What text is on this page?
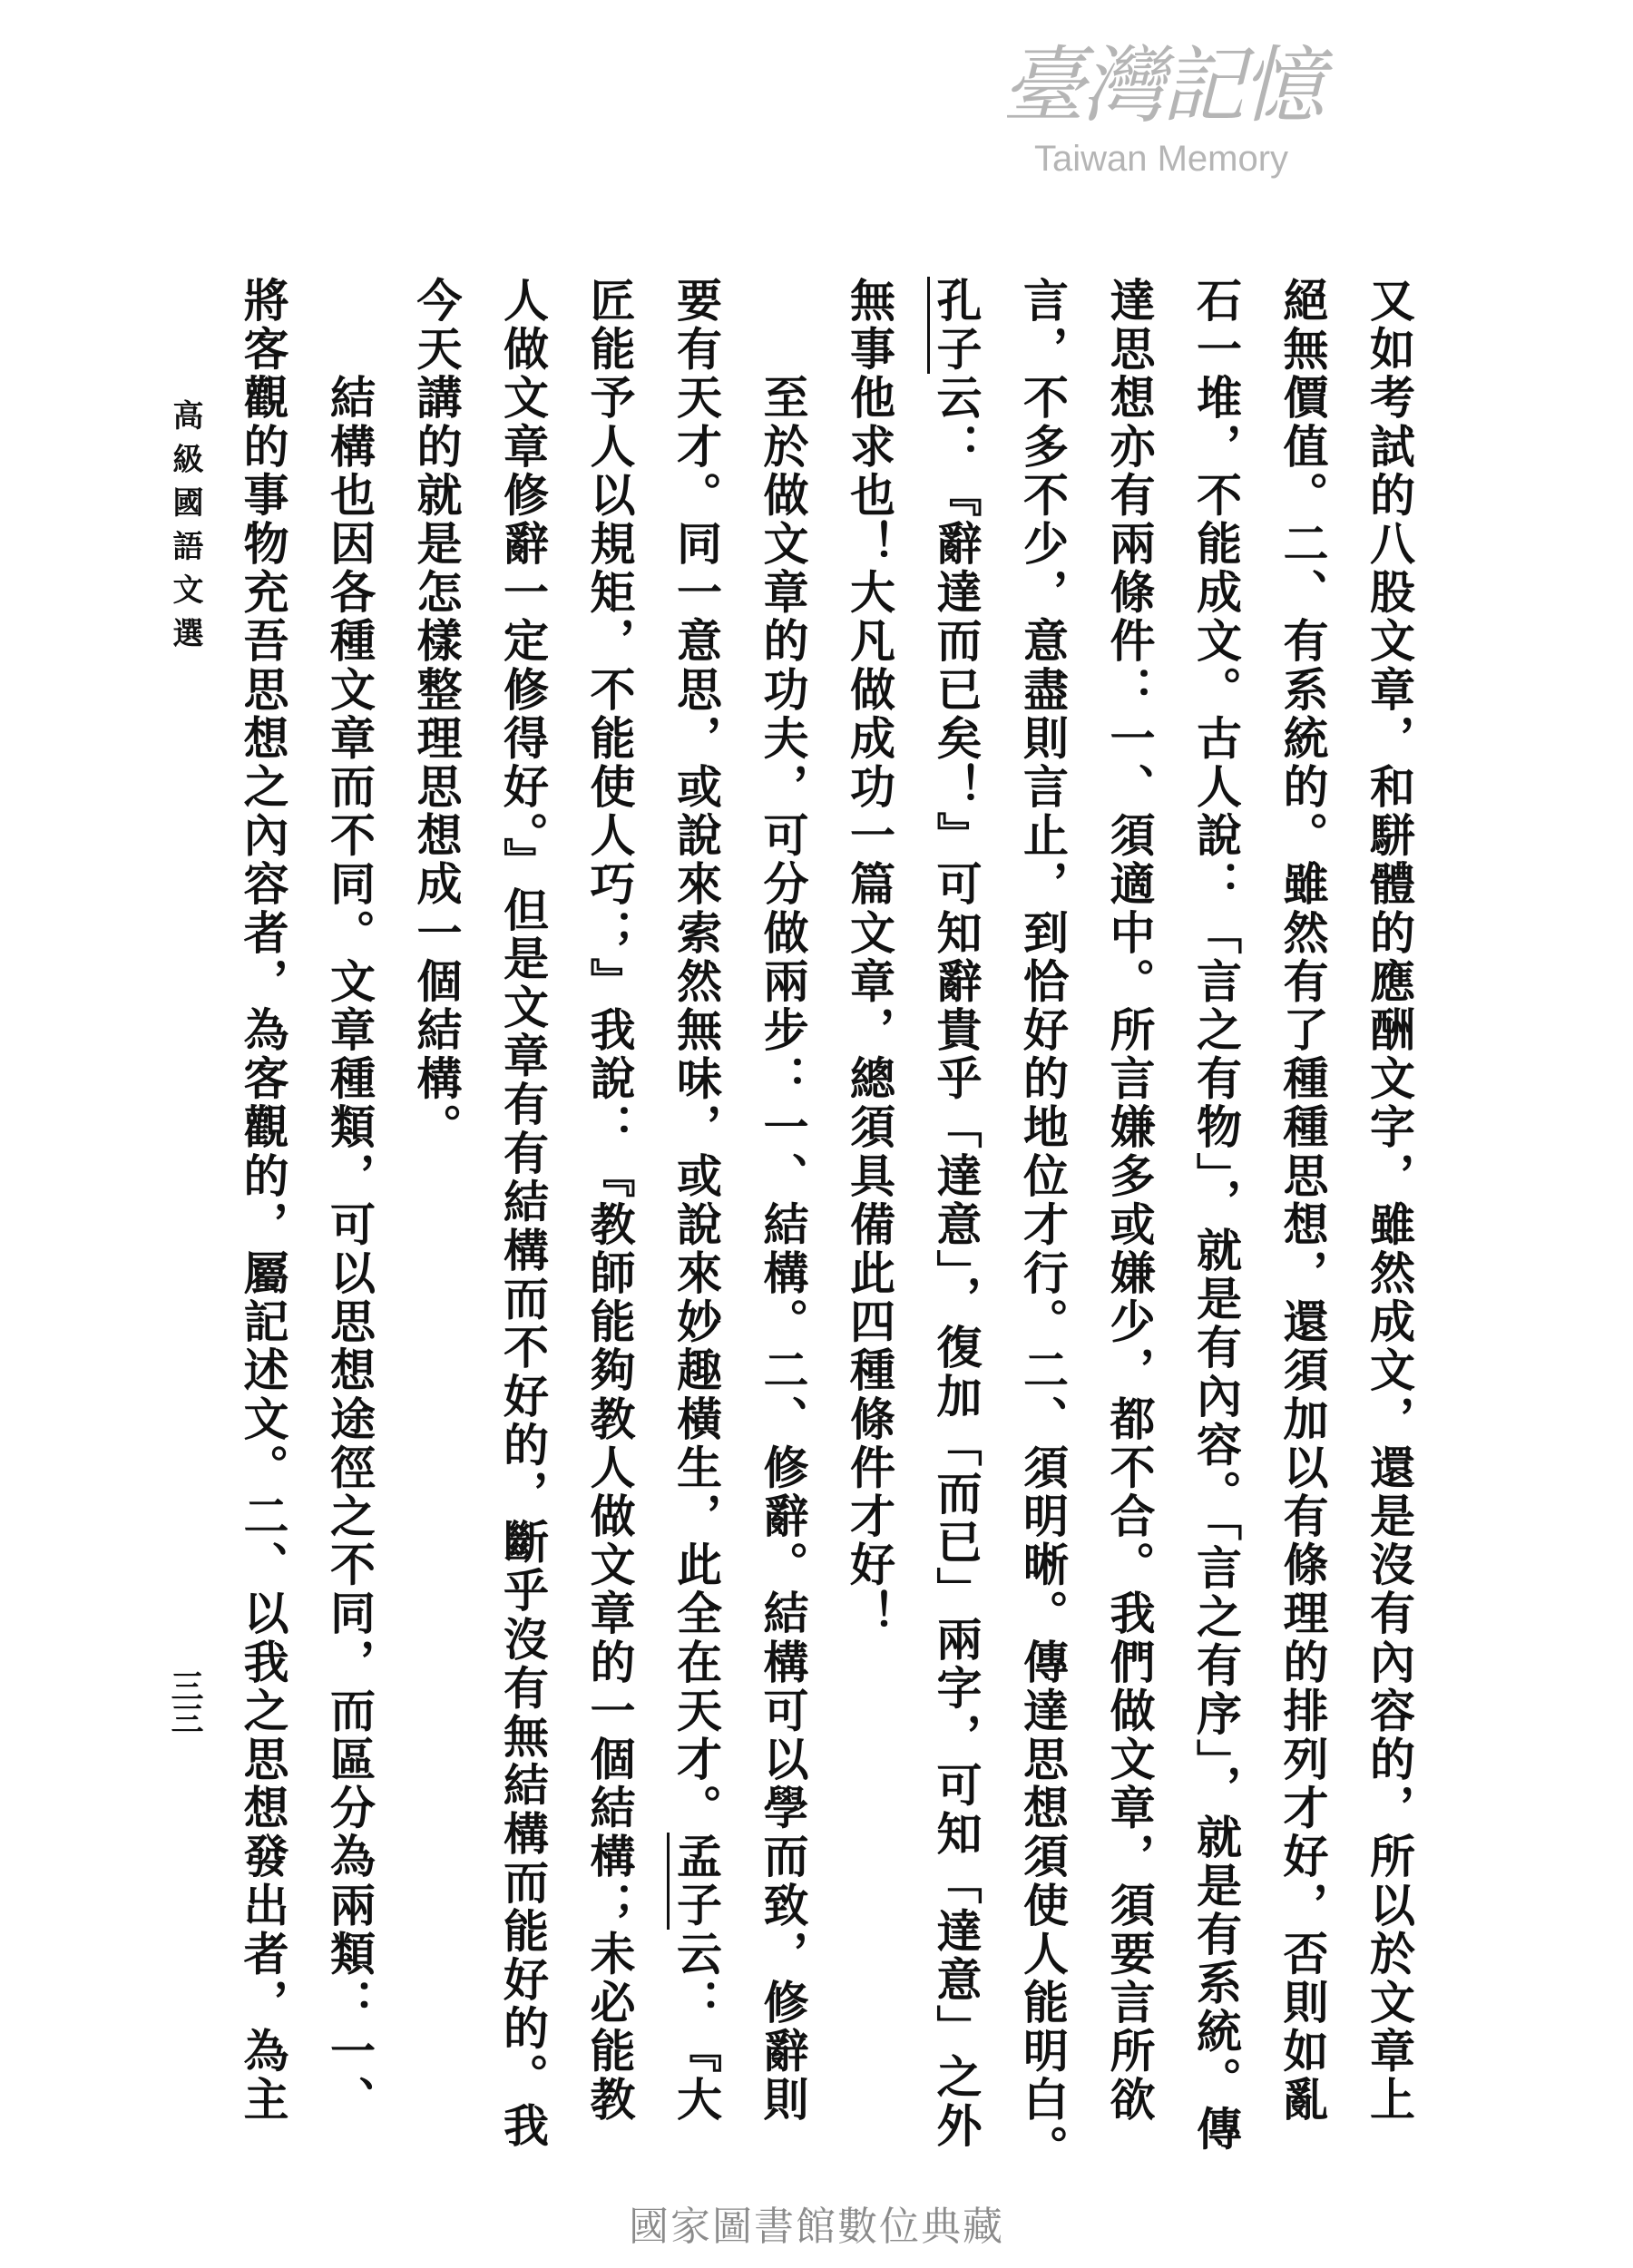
高級國語文選
三三	又如考試的八股文章，和駢體的應酬文字，雖然成文，還是沒有內容的，所以於文章上
絕無價值。二、有系統的。雖然有了種種思想，還須加以有條理的排列才好，否則如亂
石一堆，不能成文。古人說：「言之有物」，就是有內容。「言之有序」，就是有系統。傳
達思想亦有兩條件：一、須適中。所言嫌多或嫌少，都不合。我們做文章，須要言所欲
言，不多不少，意盡則言止，到恰好的地位才行。二、須明晰。傳達思想須使人能明白。
孔子云：『辭達而已矣！』可知辭貴乎「達意」，復加「而已」兩字，可知「達意」之外
無事他求也！大凡做成功一篇文章，總須具備此四種條件才好！
　　至於做文章的功夫，可分做兩步：一、結構。二、修辭。結構可以學而致，修辭則
要有天才。同一意思，或說來索然無味，或說來妙趣橫生，此全在天才。孟子云：『大
匠能予人以規矩，不能使人巧；』我說：『教師能夠教人做文章的一個結構；未必能教
人做文章修辭一定修得好。』但是文章有有結構而不好的，斷乎沒有無結構而能好的。我
今天講的就是怎樣整理思想成一個結構。
　　結構也因各種文章而不同。文章種類，可以思想途徑之不同，而區分為兩類：一、
將客觀的事物充吾思想之內容者，為客觀的，屬記述文。二、以我之思想發出者，為主
臺灣記憶
Taiwan Memory
國家圖書館數位典藏
